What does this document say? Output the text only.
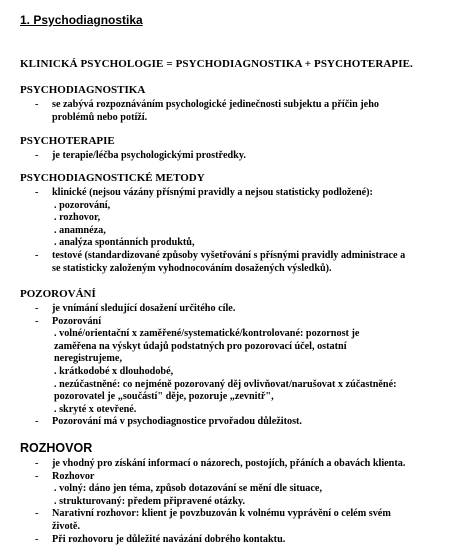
1. Psychodiagnostika
KLINICKÁ PSYCHOLOGIE = PSYCHODIAGNOSTIKA + PSYCHOTERAPIE.
PSYCHODIAGNOSTIKA
- se zabývá rozpoznáváním psychologické jedinečnosti subjektu a příčin jeho
problémů nebo potíží.
PSYCHOTERAPIE
- je terapie/léčba psychologickými prostředky.
PSYCHODIAGNOSTICKÉ METODY
- klinické (nejsou vázány přísnými pravidly a nejsou statisticky podložené):
. pozorování,
. rozhovor,
. anamnéza,
. analýza spontánních produktů,
- testové (standardizované způsoby vyšetřování s přísnými pravidly administrace a
se statisticky založeným vyhodnocováním dosažených výsledků).
POZOROVÁNÍ
- je vnímání sledující dosažení určitého cíle.
- Pozorování
. volné/orientační x zaměřené/systematické/kontrolované: pozornost je
zaměřena na výskyt údajů podstatných pro pozorovací účel, ostatní
neregistrujeme,
. krátkodobé x dlouhodobé,
. nezúčastněné: co nejméně pozorovaný děj ovlivňovat/narušovat x zúčastněné:
pozorovatel je „součástí" děje, pozoruje „zevnitř",
. skryté x otevřené.
- Pozorování má v psychodiagnostice prvořadou důležitost.
ROZHOVOR
- je vhodný pro získání informací o názorech, postojích, přáních a obavách klienta.
- Rozhovor
. volný: dáno jen téma, způsob dotazování se mění dle situace,
. strukturovaný: předem připravené otázky.
- Narativní rozhovor: klient je povzbuzován k volnému vyprávění o celém svém
životě.
- Při rozhovoru je důležité navázání dobrého kontaktu.
